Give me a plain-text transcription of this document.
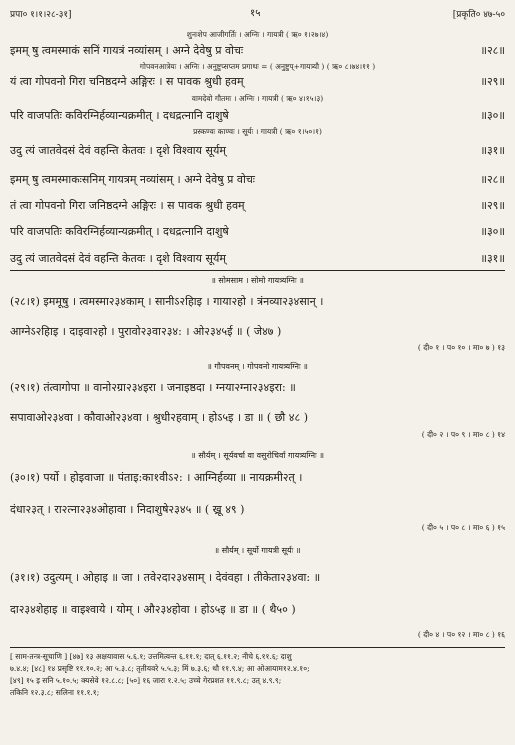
प्रपा० १।१।२८-३१]	१५	[प्रकृति० ४७-५०
शुनःशेप आजीगर्तिः । अग्निः । गायत्री ( ऋ० १।२७।४)
इमम् षु त्वमस्माकं सनिं गायत्रं नव्यांसम् । अग्ने देवेषु प्र वोचः	॥२८॥
गोपवनआत्रेयः । अग्निः । अनुष्टुप्सप्तम प्रगाथः = ( अनुष्टुप्+गायत्र्यौ ) ( ऋ० ८।७४।११ )
यं त्वा गोपवनो गिरा चनिष्ठदग्ने अङ्गिरः । स पावक श्रुधी हवम्	॥२९॥
वामदेवो गौतमः । अग्निः । गायत्री ( ऋ० ४।१५।३)
परि वाजपतिः कविरग्निर्हव्यान्यक्रमीत् । दधद्रत्नानि दाशुषे	॥३०॥
प्रस्कण्वः काण्वः । सूर्यः । गायत्री ( ऋ० १।५०।१)
उदु त्यं जातवेदसं देवं वहन्ति केतवः । दृशे विश्वाय सूर्यम्	॥३१॥
इमम् षु त्वमस्माकःसनिम् गायत्रम् नव्यांसम् । अग्ने देवेषु प्र वोचः	॥२८॥
तं त्वा गोपवनो गिरा जनिष्ठदग्ने अङ्गिरः । स पावक श्रुधी हवम्	॥२९॥
परि वाजपतिः कविरग्निर्हव्यान्यक्रमीत् । दधद्रत्नानि दाशुषे	॥३०॥
उदु त्यं जातवेदसं देवं वहन्ति केतवः । दृशे विश्वाय सूर्यम्	॥३१॥
॥ सोमसाम । सोमो गायत्र्यग्निः ॥
(२८।१) इममूषु । त्वमस्मा२३४काम् । सानीऽ२हिाइ । गाया२हो । त्रंनव्या२३४सान् ।
आग्नेऽ२हिाइ । दाइवा२हो । पुरावो२३वा२३४: । ओ२३४५ई ॥ ( जे४७ )
( दी० १ । प० १० । मा० ७ ) १३
॥ गौपवनम् । गोपवनो गायत्र्यग्निः ॥
(२९।१) तंत्वागोपा ॥ वानो२ग्रा२३४इरा । जनाइष्ठदा । ग्नया२ग्ना२३४इरा: ॥
सपावाओ२३४वा । कौवाओ२३४वा । श्रुधी२हवाम् । होऽ५इ । डा ॥ ( छौ ४८ )
( दी० २ । प० ९ । मा० ८ ) १४
॥ सौर्यम् । सूर्यवर्चा वा वसुरोचिर्वा गायत्र्यग्निः ॥
(३०।१) पर्यो । होइवाजा ॥ पंताइ:का१वीऽ२: । आग्निर्हव्या ॥ नायक्रमी२त् ।
दंधा२३त् । रा२त्ना२३४ओहावा । निदाशुषे२३४५ ॥ ( ख्रू ४९ )
( दी० ५ । प० ८ । मा० ६ ) १५
॥ सौर्यम् । सूर्यो गायत्री सूर्यः ॥
(३१।१) उदुत्यम् । ओहाइ ॥ जा । तवे२दा२३४साम् । देवंवहा । तीकेता२३४वा: ॥
दा२३४शेहाइ ॥ वाइश्वाये । योम् । औ२३४होवा । होऽ५इ ॥ डा ॥ ( थै५० )
( दी० ४ । प० १२ । मा० ८ ) १६
[ साम-तन्त्र-सूचाणि ] [४७] १३ अक्षयावास ५.६.१; उत्तमित्वन्त ६.११.१; दात् ६.११.२; नीचे ६.११.६; दाशु
७.४.४; [४८] १४ प्रसृष्टि ११.१०.२; आ ५.३.८; तृतीयवरे ५.५.३; मिं ७.३.६; थौ ११.९.४; आ ओआयाम१२.४.१०;
[४९] १५ इ सनि ५.१०.५; क्यसेवे १२.८.८; [५०] १६ जारा १.२.५; उच्चे गेरप्रशत ११.९.८; उत् ४.९.९;
तकिनि १२.३.८; सलिना ११.१.१;
